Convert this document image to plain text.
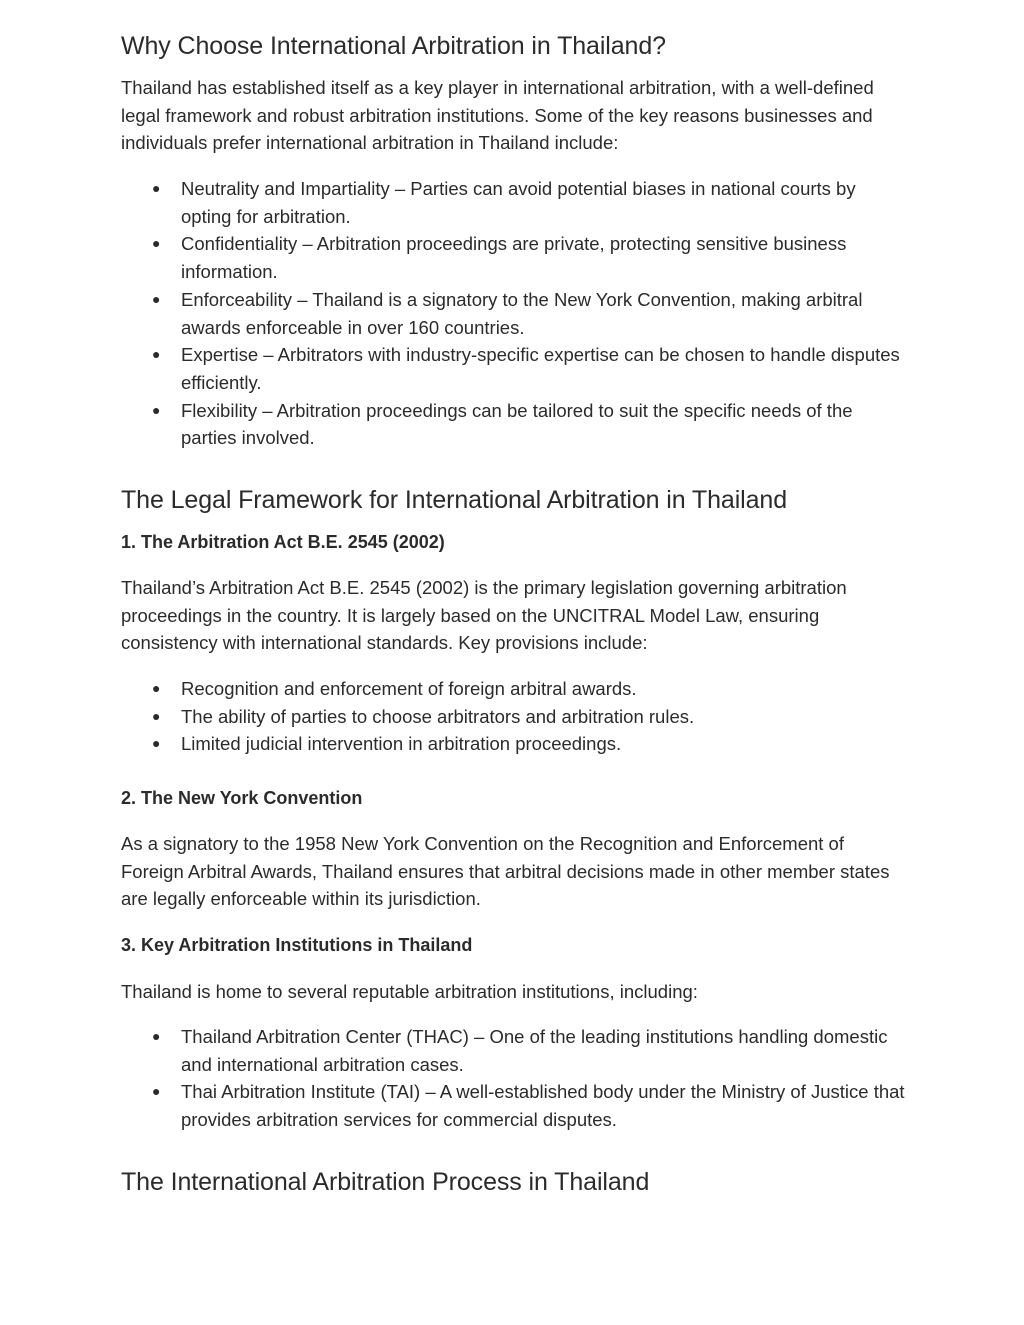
Why Choose International Arbitration in Thailand?

Thailand has established itself as a key player in international arbitration, with a well-defined legal framework and robust arbitration institutions. Some of the key reasons businesses and individuals prefer international arbitration in Thailand include:

● Neutrality and Impartiality – Parties can avoid potential biases in national courts by opting for arbitration.
● Confidentiality – Arbitration proceedings are private, protecting sensitive business information.
● Enforceability – Thailand is a signatory to the New York Convention, making arbitral awards enforceable in over 160 countries.
● Expertise – Arbitrators with industry-specific expertise can be chosen to handle disputes efficiently.
● Flexibility – Arbitration proceedings can be tailored to suit the specific needs of the parties involved.
The Legal Framework for International Arbitration in Thailand
1. The Arbitration Act B.E. 2545 (2002)

Thailand’s Arbitration Act B.E. 2545 (2002) is the primary legislation governing arbitration proceedings in the country. It is largely based on the UNCITRAL Model Law, ensuring consistency with international standards. Key provisions include:

● Recognition and enforcement of foreign arbitral awards.
● The ability of parties to choose arbitrators and arbitration rules.
● Limited judicial intervention in arbitration proceedings.
2. The New York Convention

As a signatory to the 1958 New York Convention on the Recognition and Enforcement of Foreign Arbitral Awards, Thailand ensures that arbitral decisions made in other member states are legally enforceable within its jurisdiction.

3. Key Arbitration Institutions in Thailand

Thailand is home to several reputable arbitration institutions, including:

● Thailand Arbitration Center (THAC) – One of the leading institutions handling domestic and international arbitration cases.
● Thai Arbitration Institute (TAI) – A well-established body under the Ministry of Justice that provides arbitration services for commercial disputes.
The International Arbitration Process in Thailand
